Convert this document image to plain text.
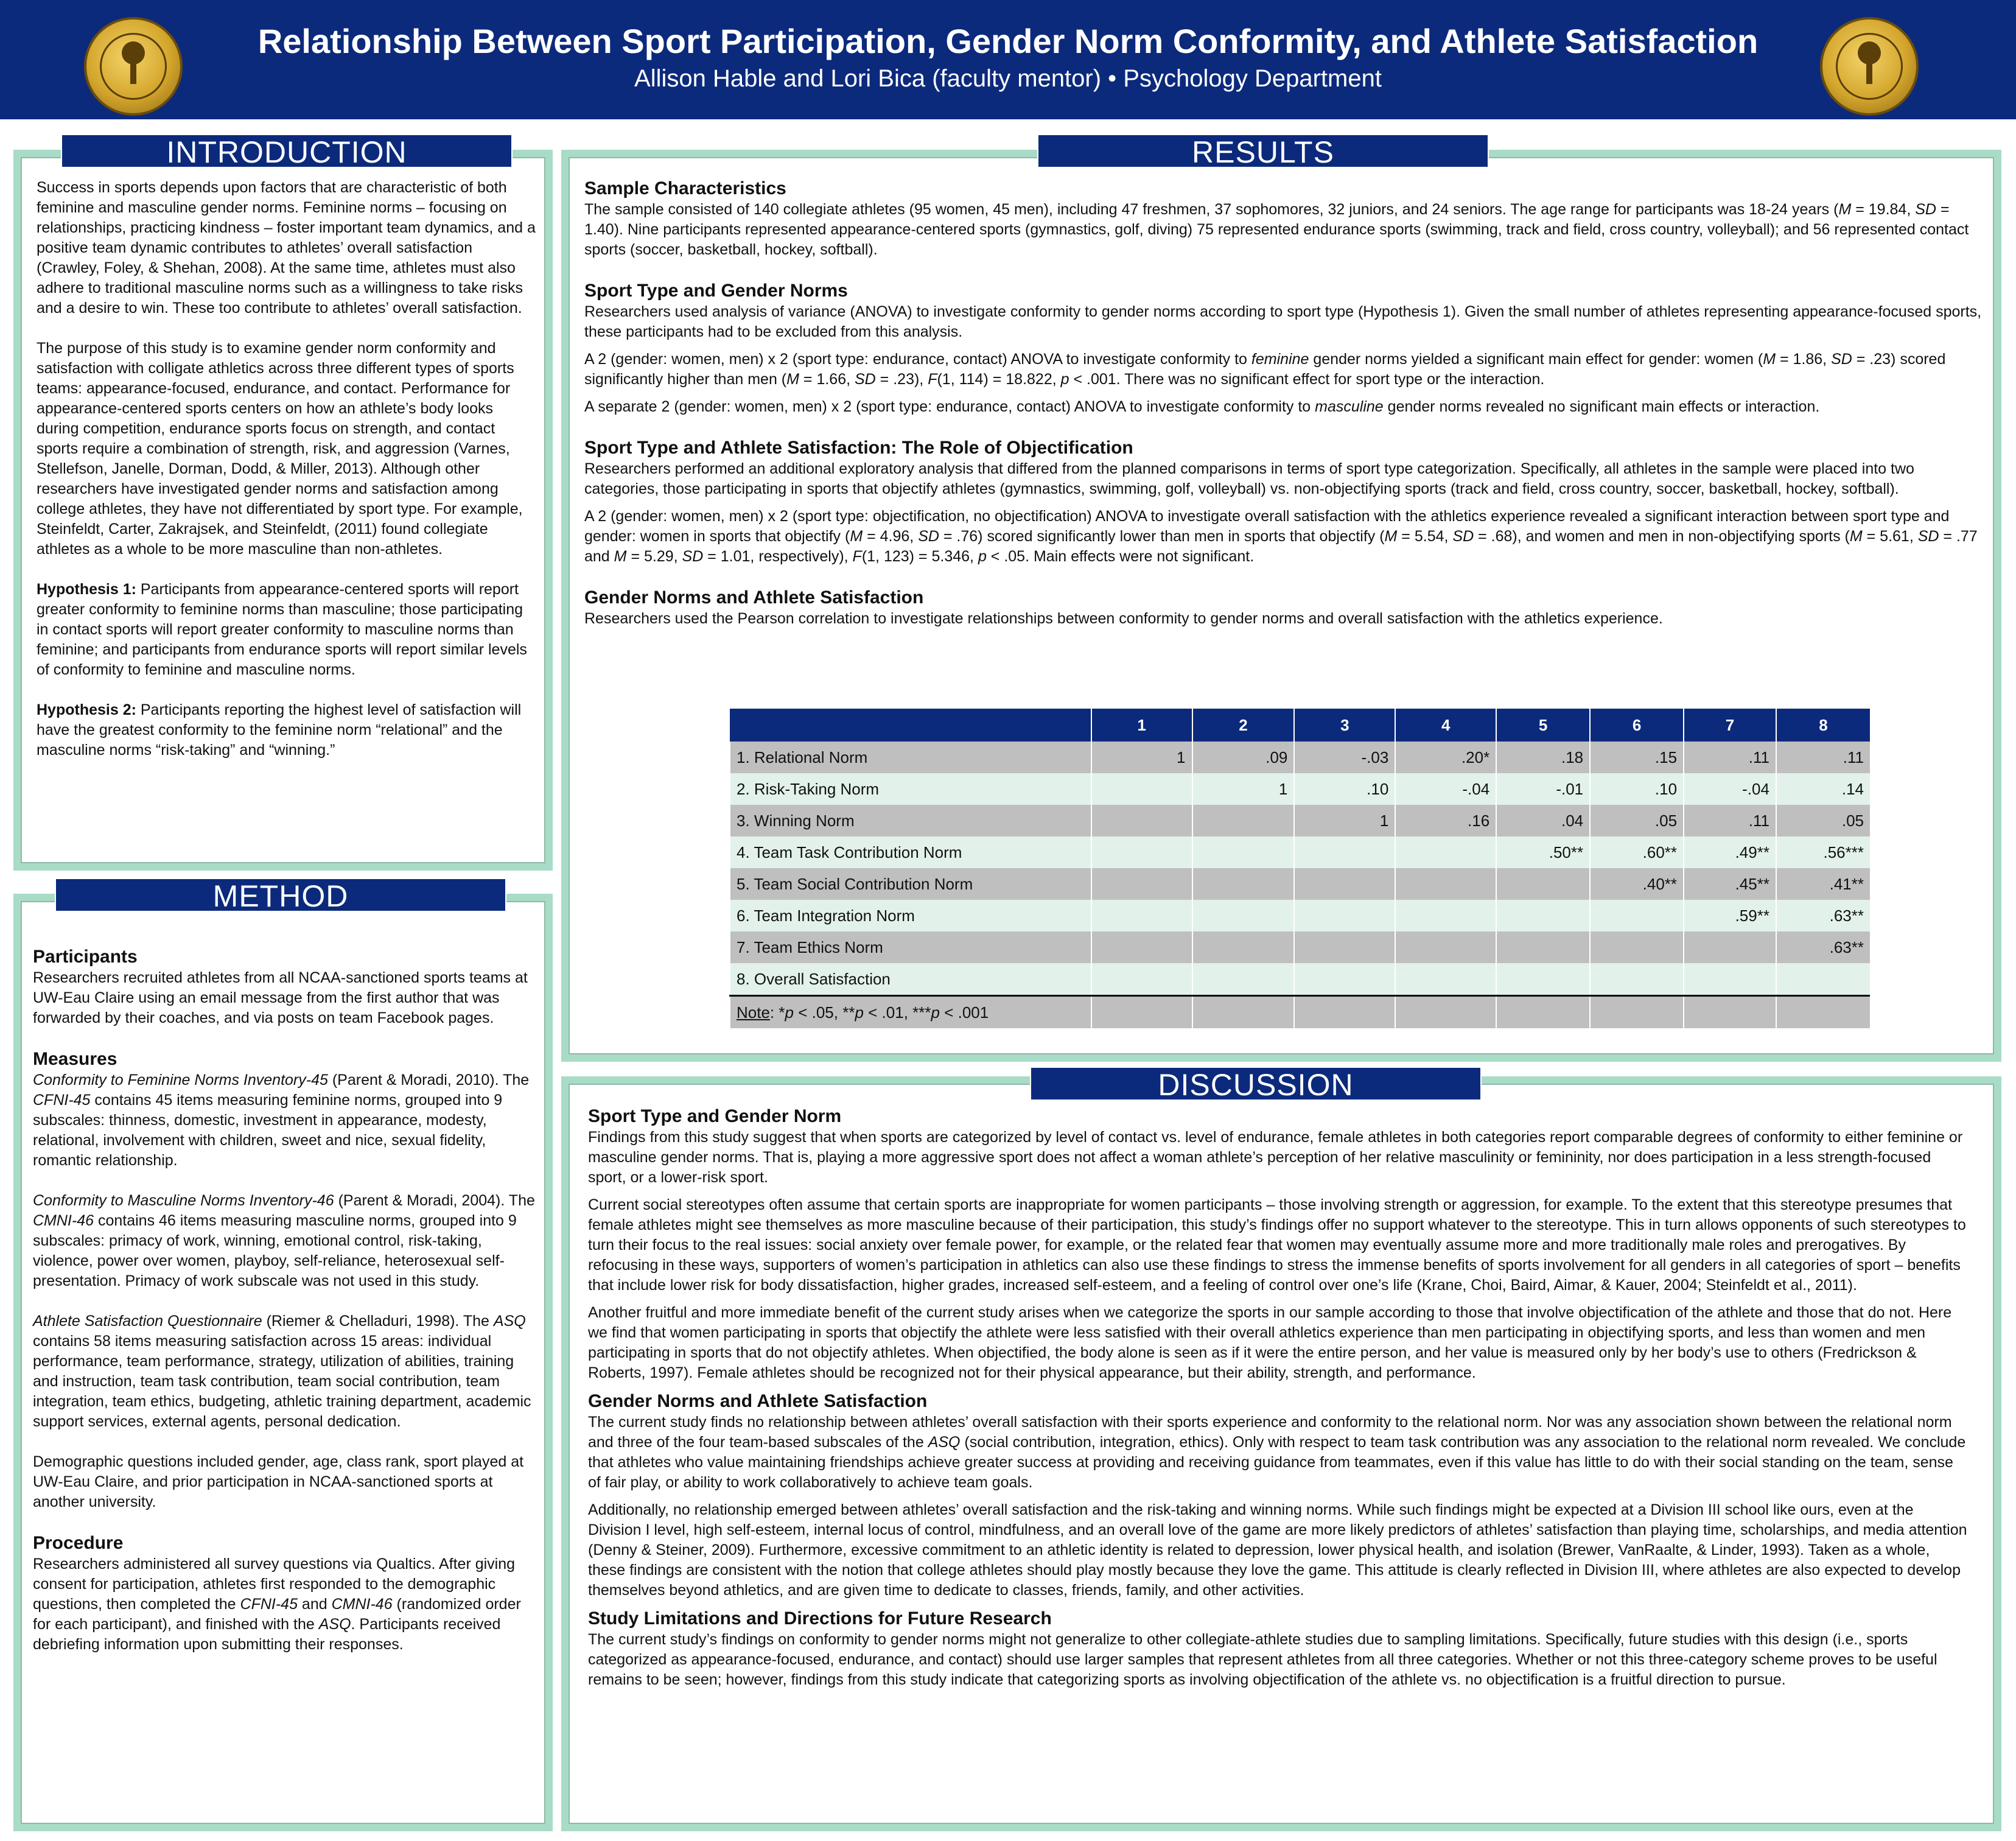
Relationship Between Sport Participation, Gender Norm Conformity, and Athlete Satisfaction
Allison Hable and Lori Bica (faculty mentor) • Psychology Department
INTRODUCTION

Success in sports depends upon factors that are characteristic of both feminine and masculine gender norms. Feminine norms – focusing on relationships, practicing kindness – foster important team dynamics, and a positive team dynamic contributes to athletes’ overall satisfaction (Crawley, Foley, & Shehan, 2008). At the same time, athletes must also adhere to traditional masculine norms such as a willingness to take risks and a desire to win. These too contribute to athletes’ overall satisfaction.

The purpose of this study is to examine gender norm conformity and satisfaction with colligate athletics across three different types of sports teams: appearance-focused, endurance, and contact. Performance for appearance-centered sports centers on how an athlete’s body looks during competition, endurance sports focus on strength, and contact sports require a combination of strength, risk, and aggression (Varnes, Stellefson, Janelle, Dorman, Dodd, & Miller, 2013). Although other researchers have investigated gender norms and satisfaction among college athletes, they have not differentiated by sport type. For example, Steinfeldt, Carter, Zakrajsek, and Steinfeldt, (2011) found collegiate athletes as a whole to be more masculine than non-athletes.

Hypothesis 1: Participants from appearance-centered sports will report greater conformity to feminine norms than masculine; those participating in contact sports will report greater conformity to masculine norms than feminine; and participants from endurance sports will report similar levels of conformity to feminine and masculine norms.

Hypothesis 2: Participants reporting the highest level of satisfaction will have the greatest conformity to the feminine norm “relational” and the masculine norms “risk-taking” and “winning.”

METHOD
Participants

Researchers recruited athletes from all NCAA-sanctioned sports teams at UW-Eau Claire using an email message from the first author that was forwarded by their coaches, and via posts on team Facebook pages.

Measures

Conformity to Feminine Norms Inventory-45 (Parent & Moradi, 2010). The CFNI-45 contains 45 items measuring feminine norms, grouped into 9 subscales: thinness, domestic, investment in appearance, modesty, relational, involvement with children, sweet and nice, sexual fidelity, romantic relationship.

Conformity to Masculine Norms Inventory-46 (Parent & Moradi, 2004). The CMNI-46 contains 46 items measuring masculine norms, grouped into 9 subscales: primacy of work, winning, emotional control, risk-taking, violence, power over women, playboy, self-reliance, heterosexual self-presentation. Primacy of work subscale was not used in this study.

Athlete Satisfaction Questionnaire (Riemer & Chelladuri, 1998). The ASQ contains 58 items measuring satisfaction across 15 areas: individual performance, team performance, strategy, utilization of abilities, training and instruction, team task contribution, team social contribution, team integration, team ethics, budgeting, athletic training department, academic support services, external agents, personal dedication.

Demographic questions included gender, age, class rank, sport played at UW-Eau Claire, and prior participation in NCAA-sanctioned sports at another university.

Procedure

Researchers administered all survey questions via Qualtics. After giving consent for participation, athletes first responded to the demographic questions, then completed the CFNI-45 and CMNI-46 (randomized order for each participant), and finished with the ASQ. Participants received debriefing information upon submitting their responses.

RESULTS
Sample Characteristics

The sample consisted of 140 collegiate athletes (95 women, 45 men), including 47 freshmen, 37 sophomores, 32 juniors, and 24 seniors. The age range for participants was 18-24 years (M = 19.84, SD = 1.40). Nine participants represented appearance-centered sports (gymnastics, golf, diving) 75 represented endurance sports (swimming, track and field, cross country, volleyball); and 56 represented contact sports (soccer, basketball, hockey, softball).

Sport Type and Gender Norms

Researchers used analysis of variance (ANOVA) to investigate conformity to gender norms according to sport type (Hypothesis 1). Given the small number of athletes representing appearance-focused sports, these participants had to be excluded from this analysis.

A 2 (gender: women, men) x 2 (sport type: endurance, contact) ANOVA to investigate conformity to feminine gender norms yielded a significant main effect for gender: women (M = 1.86, SD = .23) scored significantly higher than men (M = 1.66, SD = .23), F(1, 114) = 18.822, p < .001. There was no significant effect for sport type or the interaction.

A separate 2 (gender: women, men) x 2 (sport type: endurance, contact) ANOVA to investigate conformity to masculine gender norms revealed no significant main effects or interaction.

Sport Type and Athlete Satisfaction: The Role of Objectification

Researchers performed an additional exploratory analysis that differed from the planned comparisons in terms of sport type categorization. Specifically, all athletes in the sample were placed into two categories, those participating in sports that objectify athletes (gymnastics, swimming, golf, volleyball) vs. non-objectifying sports (track and field, cross country, soccer, basketball, hockey, softball).

A 2 (gender: women, men) x 2 (sport type: objectification, no objectification) ANOVA to investigate overall satisfaction with the athletics experience revealed a significant interaction between sport type and gender: women in sports that objectify (M = 4.96, SD = .76) scored significantly lower than men in sports that objectify (M = 5.54, SD = .68), and women and men in non-objectifying sports (M = 5.61, SD = .77 and M = 5.29, SD = 1.01, respectively), F(1, 123) = 5.346, p < .05. Main effects were not significant.

Gender Norms and Athlete Satisfaction

Researchers used the Pearson correlation to investigate relationships between conformity to gender norms and overall satisfaction with the athletics experience.

	1	2	3	4	5	6	7	8
1. Relational Norm	1	.09	-.03	.20*	.18	.15	.11	.11
2. Risk-Taking Norm		1	.10	-.04	-.01	.10	-.04	.14
3. Winning Norm			1	.16	.04	.05	.11	.05
4. Team Task Contribution Norm					.50**	.60**	.49**	.56***
5. Team Social Contribution Norm						.40**	.45**	.41**
6. Team Integration Norm							.59**	.63**
7. Team Ethics Norm								.63**
8. Overall Satisfaction								
Note: *p < .05, **p < .01, ***p < .001								
DISCUSSION
Sport Type and Gender Norm

Findings from this study suggest that when sports are categorized by level of contact vs. level of endurance, female athletes in both categories report comparable degrees of conformity to either feminine or masculine gender norms. That is, playing a more aggressive sport does not affect a woman athlete’s perception of her relative masculinity or femininity, nor does participation in a less strength-focused sport, or a lower-risk sport.

Current social stereotypes often assume that certain sports are inappropriate for women participants – those involving strength or aggression, for example. To the extent that this stereotype presumes that female athletes might see themselves as more masculine because of their participation, this study’s findings offer no support whatever to the stereotype. This in turn allows opponents of such stereotypes to turn their focus to the real issues: social anxiety over female power, for example, or the related fear that women may eventually assume more and more traditionally male roles and prerogatives. By refocusing in these ways, supporters of women’s participation in athletics can also use these findings to stress the immense benefits of sports involvement for all genders in all categories of sport – benefits that include lower risk for body dissatisfaction, higher grades, increased self-esteem, and a feeling of control over one’s life (Krane, Choi, Baird, Aimar, & Kauer, 2004; Steinfeldt et al., 2011).

Another fruitful and more immediate benefit of the current study arises when we categorize the sports in our sample according to those that involve objectification of the athlete and those that do not. Here we find that women participating in sports that objectify the athlete were less satisfied with their overall athletics experience than men participating in objectifying sports, and less than women and men participating in sports that do not objectify athletes. When objectified, the body alone is seen as if it were the entire person, and her value is measured only by her body’s use to others (Fredrickson & Roberts, 1997). Female athletes should be recognized not for their physical appearance, but their ability, strength, and performance.

Gender Norms and Athlete Satisfaction

The current study finds no relationship between athletes’ overall satisfaction with their sports experience and conformity to the relational norm. Nor was any association shown between the relational norm and three of the four team-based subscales of the ASQ (social contribution, integration, ethics). Only with respect to team task contribution was any association to the relational norm revealed. We conclude that athletes who value maintaining friendships achieve greater success at providing and receiving guidance from teammates, even if this value has little to do with their social standing on the team, sense of fair play, or ability to work collaboratively to achieve team goals.

Additionally, no relationship emerged between athletes’ overall satisfaction and the risk-taking and winning norms. While such findings might be expected at a Division III school like ours, even at the Division I level, high self-esteem, internal locus of control, mindfulness, and an overall love of the game are more likely predictors of athletes’ satisfaction than playing time, scholarships, and media attention (Denny & Steiner, 2009). Furthermore, excessive commitment to an athletic identity is related to depression, lower physical health, and isolation (Brewer, VanRaalte, & Linder, 1993). Taken as a whole, these findings are consistent with the notion that college athletes should play mostly because they love the game. This attitude is clearly reflected in Division III, where athletes are also expected to develop themselves beyond athletics, and are given time to dedicate to classes, friends, family, and other activities.

Study Limitations and Directions for Future Research

The current study’s findings on conformity to gender norms might not generalize to other collegiate-athlete studies due to sampling limitations. Specifically, future studies with this design (i.e., sports categorized as appearance-focused, endurance, and contact) should use larger samples that represent athletes from all three categories. Whether or not this three-category scheme proves to be useful remains to be seen; however, findings from this study indicate that categorizing sports as involving objectification of the athlete vs. no objectification is a fruitful direction to pursue.
